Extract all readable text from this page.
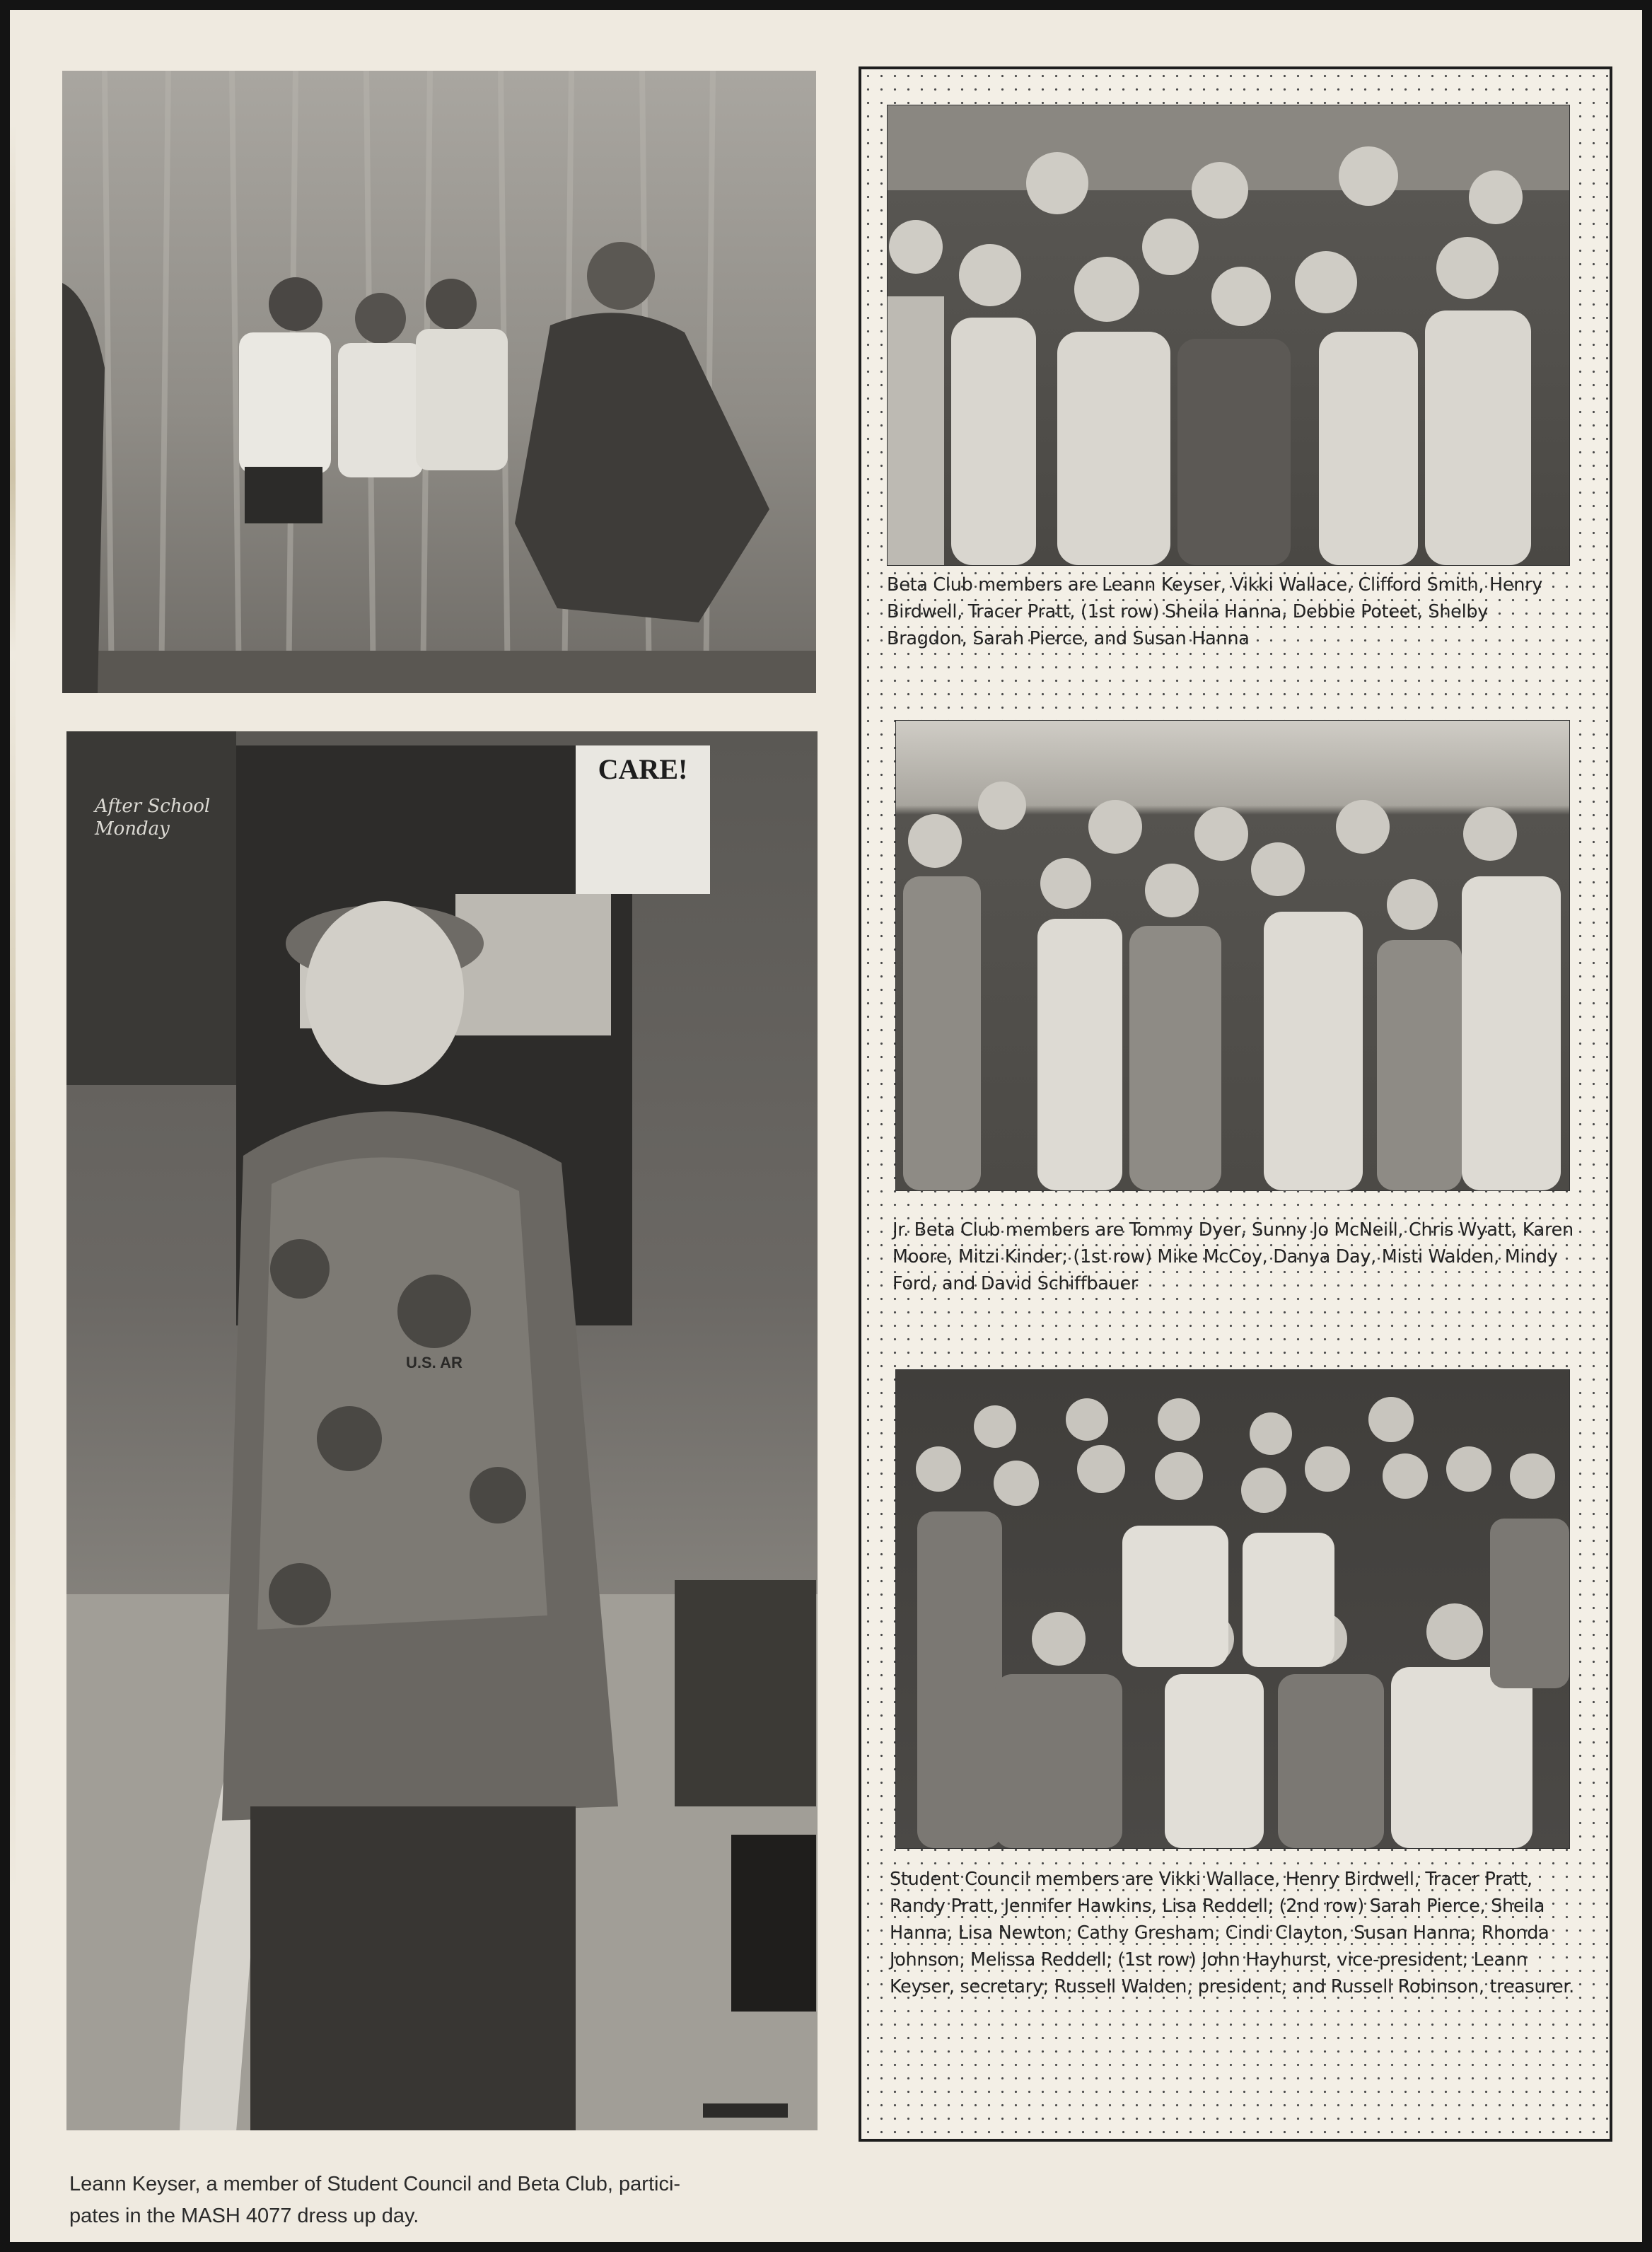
CARE!
After School
Monday
U.S. AR

Leann Keyser, a member of Student Council and Beta Club, partici-
pates in the MASH 4077 dress up day.

Beta Club members are Leann Keyser, Vikki Wallace, Clifford Smith, Henry Birdwell, Tracer Pratt, (1st row) Sheila Hanna, Debbie Poteet, Shelby Bragdon, Sarah Pierce, and Susan Hanna

Jr. Beta Club members are Tommy Dyer, Sunny Jo McNeill, Chris Wyatt, Karen Moore, Mitzi Kinder; (1st row) Mike McCoy, Danya Day, Misti Walden, Mindy Ford, and David Schiffbauer

Student Council members are Vikki Wallace, Henry Birdwell, Tracer Pratt, Randy Pratt, Jennifer Hawkins, Lisa Reddell; (2nd row) Sarah Pierce, Sheila Hanna, Lisa Newton, Cathy Gresham, Cindi Clayton, Susan Hanna, Rhonda Johnson, Melissa Reddell; (1st row) John Hayhurst, vice-president; Leann Keyser, secretary; Russell Walden, president, and Russell Robinson, treasurer.
